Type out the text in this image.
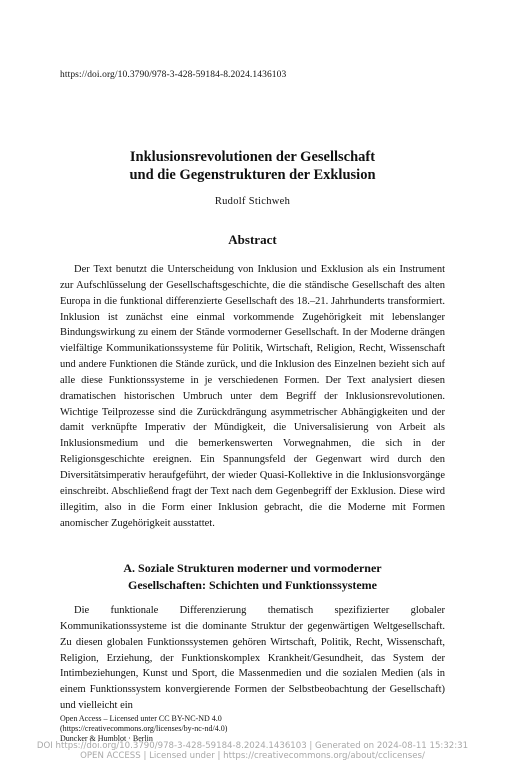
https://doi.org/10.3790/978-3-428-59184-8.2024.1436103
Inklusionsrevolutionen der Gesellschaft
und die Gegenstrukturen der Exklusion
Rudolf Stichweh
Abstract

Der Text benutzt die Unterscheidung von Inklusion und Exklusion als ein Instrument zur Aufschlüsselung der Gesellschaftsgeschichte, die die ständische Gesellschaft des alten Europa in die funktional differenzierte Gesellschaft des 18.–21. Jahrhunderts transformiert. Inklusion ist zunächst eine einmal vorkommende Zugehörigkeit mit lebenslanger Bindungswirkung zu einem der Stände vormoderner Gesellschaft. In der Moderne drängen vielfältige Kommunikationssysteme für Politik, Wirtschaft, Religion, Recht, Wissenschaft und andere Funktionen die Stände zurück, und die Inklusion des Einzelnen bezieht sich auf alle diese Funktionssysteme in je verschiedenen Formen. Der Text analysiert diesen dramatischen historischen Umbruch unter dem Begriff der Inklusionsrevolutionen. Wichtige Teilprozesse sind die Zurückdrängung asymmetrischer Abhängigkeiten und der damit verknüpfte Imperativ der Mündigkeit, die Universalisierung von Arbeit als Inklusionsmedium und die bemerkenswerten Vorwegnahmen, die sich in der Religionsgeschichte ereignen. Ein Spannungsfeld der Gegenwart wird durch den Diversitätsimperativ heraufgeführt, der wieder Quasi-Kollektive in die Inklusionsvorgänge einschreibt. Abschließend fragt der Text nach dem Gegenbegriff der Exklusion. Diese wird illegitim, also in die Form einer Inklusion gebracht, die die Moderne mit Formen anomischer Zugehörigkeit ausstattet.

A. Soziale Strukturen moderner und vormoderner
Gesellschaften: Schichten und Funktionssysteme

Die funktionale Differenzierung thematisch spezifizierter globaler Kommunikationssysteme ist die dominante Struktur der gegenwärtigen Weltgesellschaft. Zu diesen globalen Funktionssystemen gehören Wirtschaft, Politik, Recht, Wissenschaft, Religion, Erziehung, der Funktionskomplex Krankheit/Gesundheit, das System der Intimbeziehungen, Kunst und Sport, die Massenmedien und die sozialen Medien (als in einem Funktionssystem konvergierende Formen der Selbstbeobachtung der Gesellschaft) und vielleicht ein

Open Access – Licensed unter CC BY-NC-ND 4.0
(https://creativecommons.org/licenses/by-nc-nd/4.0)
Duncker & Humblot · Berlin
DOI https://doi.org/10.3790/978-3-428-59184-8.2024.1436103 | Generated on 2024-08-11 15:32:31
OPEN ACCESS | Licensed under | https://creativecommons.org/about/cclicenses/
